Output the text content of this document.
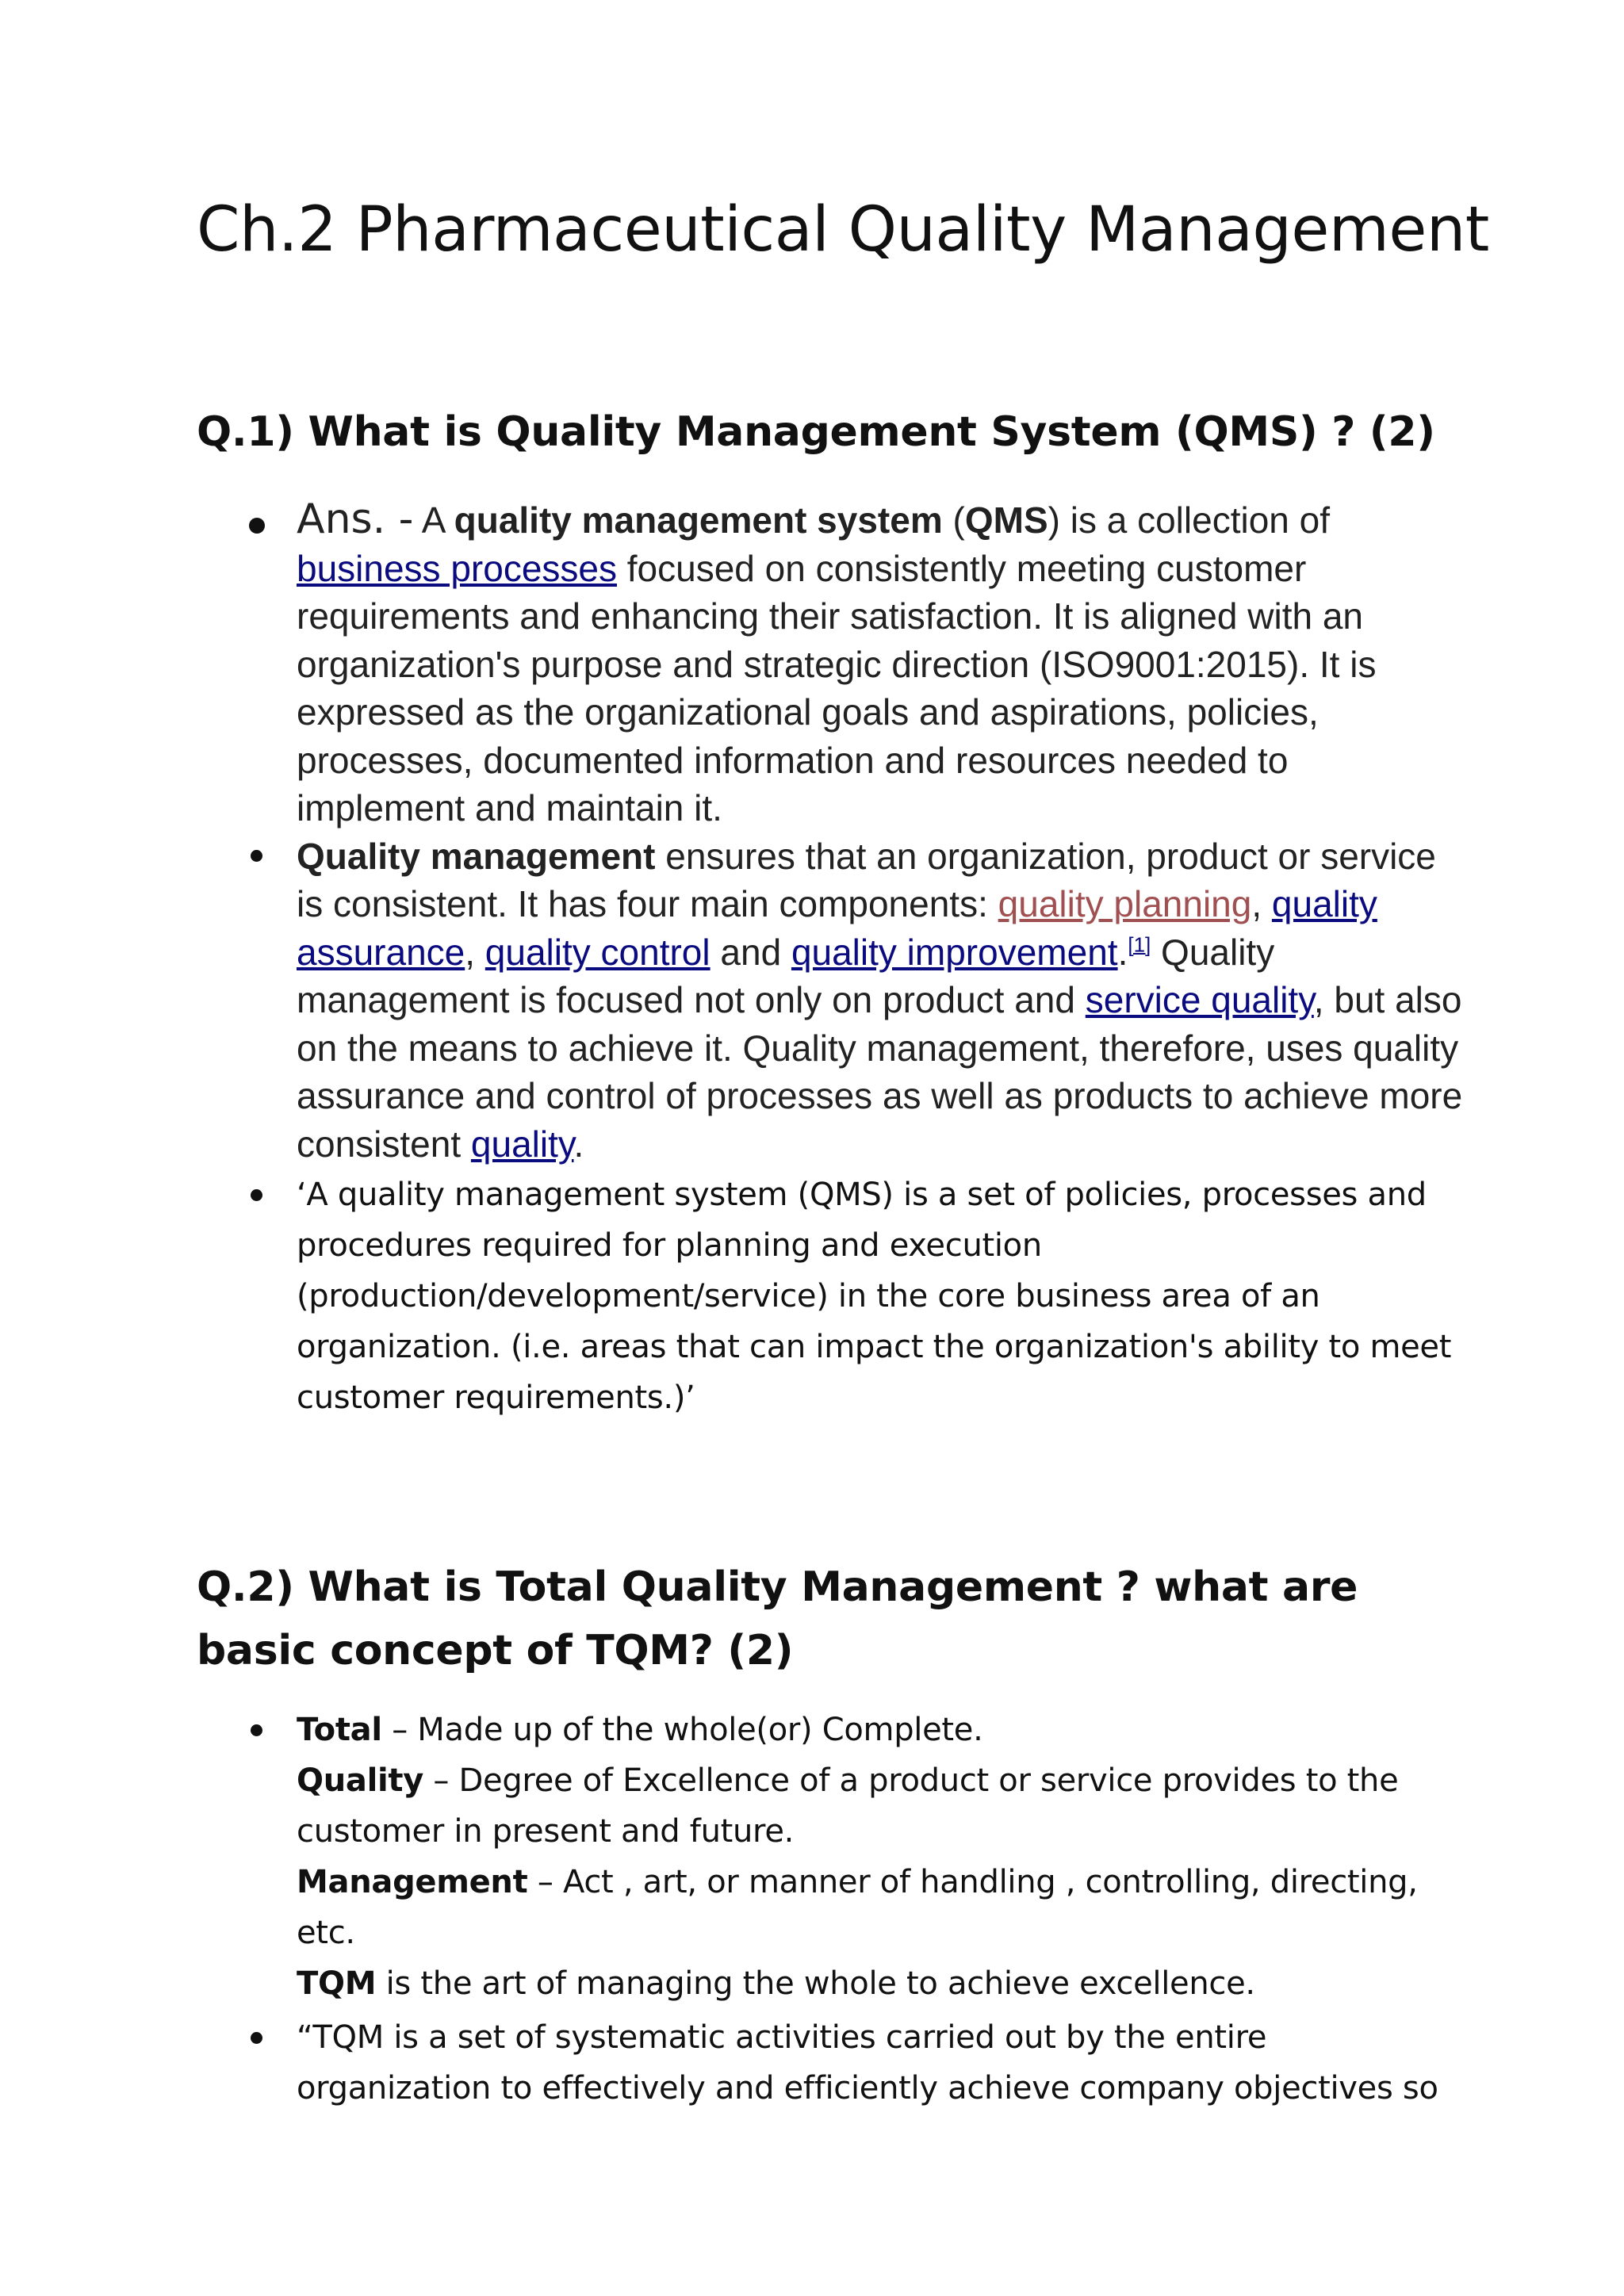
Ch.2 Pharmaceutical Quality Management
Q.1) What is Quality Management System (QMS) ? (2)
Ans. - A quality management system (QMS) is a collection of business processes focused on consistently meeting customer requirements and enhancing their satisfaction. It is aligned with an organization's purpose and strategic direction (ISO9001:2015). It is expressed as the organizational goals and aspirations, policies, processes, documented information and resources needed to implement and maintain it.
Quality management ensures that an organization, product or service is consistent. It has four main components: quality planning, quality assurance, quality control and quality improvement.[1] Quality management is focused not only on product and service quality, but also on the means to achieve it. Quality management, therefore, uses quality assurance and control of processes as well as products to achieve more consistent quality.
‘A quality management system (QMS) is a set of policies, processes and procedures required for planning and execution (production/development/service) in the core business area of an organization. (i.e. areas that can impact the organization's ability to meet customer requirements.)’
Q.2) What is Total Quality Management ? what are basic concept of TQM? (2)
Total – Made up of the whole(or) Complete.
Quality – Degree of Excellence of a product or service provides to the customer in present and future.
Management – Act , art, or manner of handling , controlling, directing, etc.
TQM is the art of managing the whole to achieve excellence.
“TQM is a set of systematic activities carried out by the entire organization to effectively and efficiently achieve company objectives so
